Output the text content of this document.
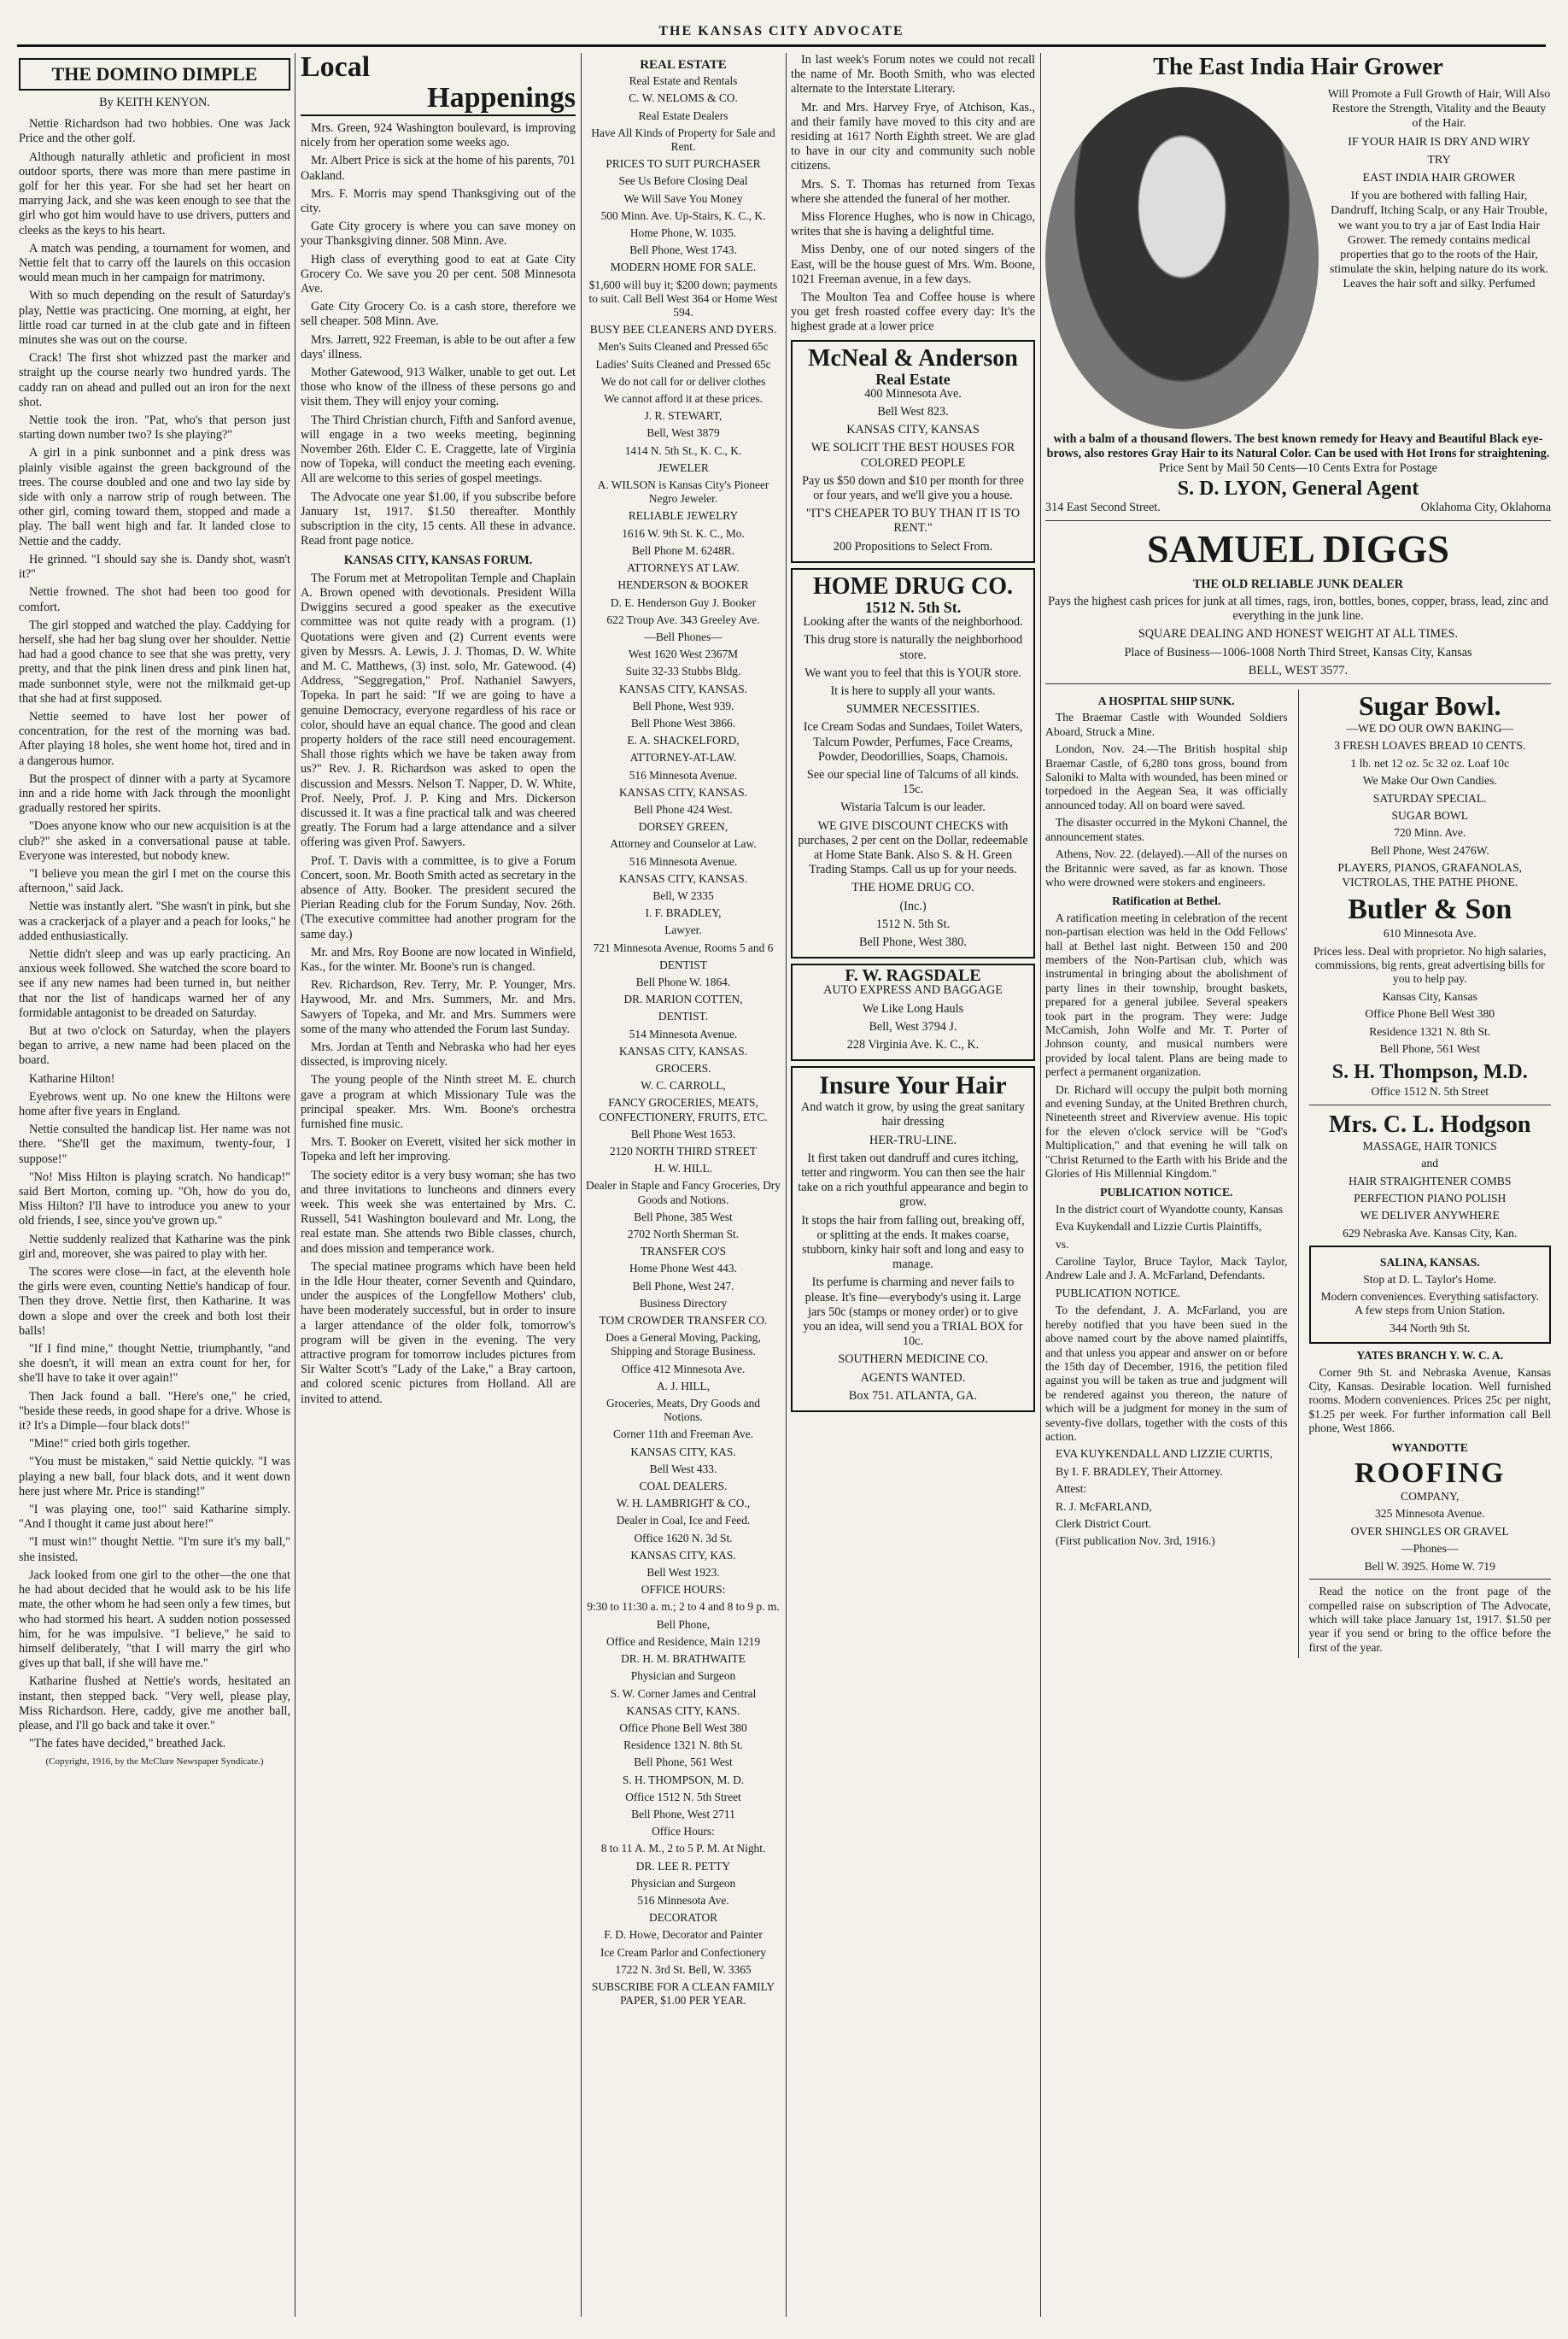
THE KANSAS CITY ADVOCATE
THE DOMINO DIMPLE
By KEITH KENYON.

Nettie Richardson had two hobbies. One was Jack Price and the other golf.

Although naturally athletic and proficient in most outdoor sports, there was more than mere pastime in golf for her this year. For she had set her heart on marrying Jack, and she was keen enough to see that the girl who got him would have to use drivers, putters and cleeks as the keys to his heart.

A match was pending, a tournament for women, and Nettie felt that to carry off the laurels on this occasion would mean much in her campaign for matrimony.

With so much depending on the result of Saturday's play, Nettie was practicing. One morning, at eight, her little road car turned in at the club gate and in fifteen minutes she was out on the course.

Crack! The first shot whizzed past the marker and straight up the course nearly two hundred yards. The caddy ran on ahead and pulled out an iron for the next shot.

Nettie took the iron. "Pat, who's that person just starting down number two? Is she playing?"

A girl in a pink sunbonnet and a pink dress was plainly visible against the green background of the trees. The course doubled and one and two lay side by side with only a narrow strip of rough between. The other girl, coming toward them, stopped and made a play. The ball went high and far. It landed close to Nettie and the caddy.

He grinned. "I should say she is. Dandy shot, wasn't it?"

Nettie frowned. The shot had been too good for comfort.

The girl stopped and watched the play. Caddying for herself, she had her bag slung over her shoulder. Nettie had had a good chance to see that she was pretty, very pretty, and that the pink linen dress and pink linen hat, made sunbonnet style, were not the milkmaid get-up that she had at first supposed.

Nettie seemed to have lost her power of concentration, for the rest of the morning was bad. After playing 18 holes, she went home hot, tired and in a dangerous humor.

But the prospect of dinner with a party at Sycamore inn and a ride home with Jack through the moonlight gradually restored her spirits.

"Does anyone know who our new acquisition is at the club?" she asked in a conversational pause at table. Everyone was interested, but nobody knew.

"I believe you mean the girl I met on the course this afternoon," said Jack.

Nettie was instantly alert. "She wasn't in pink, but she was a crackerjack of a player and a peach for looks," he added enthusiastically.

Nettie didn't sleep and was up early practicing. An anxious week followed. She watched the score board to see if any new names had been turned in, but neither that nor the list of handicaps warned her of any formidable antagonist to be dreaded on Saturday.

But at two o'clock on Saturday, when the players began to arrive, a new name had been placed on the board.

Katharine Hilton!

Eyebrows went up. No one knew the Hiltons were home after five years in England.

Nettie consulted the handicap list. Her name was not there. "She'll get the maximum, twenty-four, I suppose!"

"No! Miss Hilton is playing scratch. No handicap!" said Bert Morton, coming up. "Oh, how do you do, Miss Hilton? I'll have to introduce you anew to your old friends, I see, since you've grown up."

Nettie suddenly realized that Katharine was the pink girl and, moreover, she was paired to play with her.

The scores were close—in fact, at the eleventh hole the girls were even, counting Nettie's handicap of four. Then they drove. Nettie first, then Katharine. It was down a slope and over the creek and both lost their balls!

"If I find mine," thought Nettie, triumphantly, "and she doesn't, it will mean an extra count for her, for she'll have to take it over again!"

Then Jack found a ball. "Here's one," he cried, "beside these reeds, in good shape for a drive. Whose is it? It's a Dimple—four black dots!"

"Mine!" cried both girls together.

"You must be mistaken," said Nettie quickly. "I was playing a new ball, four black dots, and it went down here just where Mr. Price is standing!"

"I was playing one, too!" said Katharine simply. "And I thought it came just about here!"

"I must win!" thought Nettie. "I'm sure it's my ball," she insisted.

Jack looked from one girl to the other—the one that he had about decided that he would ask to be his life mate, the other whom he had seen only a few times, but who had stormed his heart. A sudden notion possessed him, for he was impulsive. "I believe," he said to himself deliberately, "that I will marry the girl who gives up that ball, if she will have me."

Katharine flushed at Nettie's words, hesitated an instant, then stepped back. "Very well, please play, Miss Richardson. Here, caddy, give me another ball, please, and I'll go back and take it over."

"The fates have decided," breathed Jack.

(Copyright, 1916, by the McClure Newspaper Syndicate.)
Local
Happenings

Mrs. Green, 924 Washington boulevard, is improving nicely from her operation some weeks ago.

Mr. Albert Price is sick at the home of his parents, 701 Oakland.

Mrs. F. Morris may spend Thanksgiving out of the city.

Gate City grocery is where you can save money on your Thanksgiving dinner. 508 Minn. Ave.

High class of everything good to eat at Gate City Grocery Co. We save you 20 per cent. 508 Minnesota Ave.

Gate City Grocery Co. is a cash store, therefore we sell cheaper. 508 Minn. Ave.

Mrs. Jarrett, 922 Freeman, is able to be out after a few days' illness.

Mother Gatewood, 913 Walker, unable to get out. Let those who know of the illness of these persons go and visit them. They will enjoy your coming.

The Third Christian church, Fifth and Sanford avenue, will engage in a two weeks meeting, beginning November 26th. Elder C. E. Craggette, late of Virginia now of Topeka, will conduct the meeting each evening. All are welcome to this series of gospel meetings.

The Advocate one year $1.00, if you subscribe before January 1st, 1917. $1.50 thereafter. Monthly subscription in the city, 15 cents. All these in advance. Read front page notice.

KANSAS CITY, KANSAS FORUM.

The Forum met at Metropolitan Temple and Chaplain A. Brown opened with devotionals. President Willa Dwiggins secured a good speaker as the executive committee was not quite ready with a program. (1) Quotations were given and (2) Current events were given by Messrs. A. Lewis, J. J. Thomas, D. W. White and M. C. Matthews, (3) inst. solo, Mr. Gatewood. (4) Address, "Seggregation," Prof. Nathaniel Sawyers, Topeka. In part he said: "If we are going to have a genuine Democracy, everyone regardless of his race or color, should have an equal chance. The good and clean property holders of the race still need encouragement. Shall those rights which we have be taken away from us?" Rev. J. R. Richardson was asked to open the discussion and Messrs. Nelson T. Napper, D. W. White, Prof. Neely, Prof. J. P. King and Mrs. Dickerson discussed it. It was a fine practical talk and was cheered greatly. The Forum had a large attendance and a silver offering was given Prof. Sawyers.

Prof. T. Davis with a committee, is to give a Forum Concert, soon. Mr. Booth Smith acted as secretary in the absence of Atty. Booker. The president secured the Pierian Reading club for the Forum Sunday, Nov. 26th. (The executive committee had another program for the same day.)

Mr. and Mrs. Roy Boone are now located in Winfield, Kas., for the winter. Mr. Boone's run is changed.

Rev. Richardson, Rev. Terry, Mr. P. Younger, Mrs. Haywood, Mr. and Mrs. Summers, Mr. and Mrs. Sawyers of Topeka, and Mr. and Mrs. Summers were some of the many who attended the Forum last Sunday.

Mrs. Jordan at Tenth and Nebraska who had her eyes dissected, is improving nicely.

The young people of the Ninth street M. E. church gave a program at which Missionary Tule was the principal speaker. Mrs. Wm. Boone's orchestra furnished fine music.

Mrs. T. Booker on Everett, visited her sick mother in Topeka and left her improving.

The society editor is a very busy woman; she has two and three invitations to luncheons and dinners every week. This week she was entertained by Mrs. C. Russell, 541 Washington boulevard and Mr. Long, the real estate man. She attends two Bible classes, church, and does mission and temperance work.

The special matinee programs which have been held in the Idle Hour theater, corner Seventh and Quindaro, under the auspices of the Longfellow Mothers' club, have been moderately successful, but in order to insure a larger attendance of the older folk, tomorrow's program will be given in the evening. The very attractive program for tomorrow includes pictures from Sir Walter Scott's "Lady of the Lake," a Bray cartoon, and colored scenic pictures from Holland. All are invited to attend.

REAL ESTATE

Real Estate and Rentals

C. W. NELOMS & CO.

Real Estate Dealers

Have All Kinds of Property for Sale and Rent.

PRICES TO SUIT PURCHASER

See Us Before Closing Deal

We Will Save You Money

500 Minn. Ave. Up-Stairs, K. C., K.

Home Phone, W. 1035.

Bell Phone, West 1743.

MODERN HOME FOR SALE.

$1,600 will buy it; $200 down; payments to suit. Call Bell West 364 or Home West 594.

BUSY BEE CLEANERS AND DYERS.

Men's Suits Cleaned and Pressed 65c

Ladies' Suits Cleaned and Pressed 65c

We do not call for or deliver clothes

We cannot afford it at these prices.

J. R. STEWART,

Bell, West 3879

1414 N. 5th St., K. C., K.

JEWELER

A. WILSON is Kansas City's Pioneer Negro Jeweler.

RELIABLE JEWELRY

1616 W. 9th St. K. C., Mo.

Bell Phone M. 6248R.

ATTORNEYS AT LAW.

HENDERSON & BOOKER

D. E. Henderson Guy J. Booker

622 Troup Ave. 343 Greeley Ave.

—Bell Phones—

West 1620 West 2367M

Suite 32-33 Stubbs Bldg.

KANSAS CITY, KANSAS.

Bell Phone, West 939.

Bell Phone West 3866.

E. A. SHACKELFORD,

ATTORNEY-AT-LAW.

516 Minnesota Avenue.

KANSAS CITY, KANSAS.

Bell Phone 424 West.

DORSEY GREEN,

Attorney and Counselor at Law.

516 Minnesota Avenue.

KANSAS CITY, KANSAS.

Bell, W 2335

I. F. BRADLEY,

Lawyer.

721 Minnesota Avenue, Rooms 5 and 6

DENTIST

Bell Phone W. 1864.

DR. MARION COTTEN,

DENTIST.

514 Minnesota Avenue.

KANSAS CITY, KANSAS.

GROCERS.

W. C. CARROLL,

FANCY GROCERIES, MEATS, CONFECTIONERY, FRUITS, ETC.

Bell Phone West 1653.

2120 NORTH THIRD STREET

H. W. HILL.

Dealer in Staple and Fancy Groceries, Dry Goods and Notions.

Bell Phone, 385 West

2702 North Sherman St.

TRANSFER CO'S

Home Phone West 443.

Bell Phone, West 247.

Business Directory

TOM CROWDER TRANSFER CO.

Does a General Moving, Packing, Shipping and Storage Business.

Office 412 Minnesota Ave.

A. J. HILL,

Groceries, Meats, Dry Goods and Notions.

Corner 11th and Freeman Ave.

KANSAS CITY, KAS.

Bell West 433.

COAL DEALERS.

W. H. LAMBRIGHT & CO.,

Dealer in Coal, Ice and Feed.

Office 1620 N. 3d St.

KANSAS CITY, KAS.

Bell West 1923.

OFFICE HOURS:

9:30 to 11:30 a. m.; 2 to 4 and 8 to 9 p. m.

Bell Phone,

Office and Residence, Main 1219

DR. H. M. BRATHWAITE

Physician and Surgeon

S. W. Corner James and Central

KANSAS CITY, KANS.

Office Phone Bell West 380

Residence 1321 N. 8th St.

Bell Phone, 561 West

S. H. THOMPSON, M. D.

Office 1512 N. 5th Street

Bell Phone, West 2711

Office Hours:

8 to 11 A. M., 2 to 5 P. M. At Night.

DR. LEE R. PETTY

Physician and Surgeon

516 Minnesota Ave.

DECORATOR

F. D. Howe, Decorator and Painter

Ice Cream Parlor and Confectionery

1722 N. 3rd St. Bell, W. 3365

SUBSCRIBE FOR A CLEAN FAMILY PAPER, $1.00 PER YEAR.

In last week's Forum notes we could not recall the name of Mr. Booth Smith, who was elected alternate to the Interstate Literary.

Mr. and Mrs. Harvey Frye, of Atchison, Kas., and their family have moved to this city and are residing at 1617 North Eighth street. We are glad to have in our city and community such noble citizens.

Mrs. S. T. Thomas has returned from Texas where she attended the funeral of her mother.

Miss Florence Hughes, who is now in Chicago, writes that she is having a delightful time.

Miss Denby, one of our noted singers of the East, will be the house guest of Mrs. Wm. Boone, 1021 Freeman avenue, in a few days.

The Moulton Tea and Coffee house is where you get fresh roasted coffee every day: It's the highest grade at a lower price

McNeal & Anderson
Real Estate

400 Minnesota Ave.

Bell West 823.

KANSAS CITY, KANSAS

WE SOLICIT THE BEST HOUSES FOR COLORED PEOPLE

Pay us $50 down and $10 per month for three or four years, and we'll give you a house.

"IT'S CHEAPER TO BUY THAN IT IS TO RENT."

200 Propositions to Select From.

HOME DRUG CO.
1512 N. 5th St.

Looking after the wants of the neighborhood.

This drug store is naturally the neighborhood store.

We want you to feel that this is YOUR store.

It is here to supply all your wants.

SUMMER NECESSITIES.

Ice Cream Sodas and Sundaes, Toilet Waters, Talcum Powder, Perfumes, Face Creams, Powder, Deodorillies, Soaps, Chamois.

See our special line of Talcums of all kinds. 15c.

Wistaria Talcum is our leader.

WE GIVE DISCOUNT CHECKS with purchases, 2 per cent on the Dollar, redeemable at Home State Bank. Also S. & H. Green Trading Stamps. Call us up for your needs.

THE HOME DRUG CO.

(Inc.)

1512 N. 5th St.

Bell Phone, West 380.

F. W. RAGSDALE

AUTO EXPRESS AND BAGGAGE

We Like Long Hauls

Bell, West 3794 J.

228 Virginia Ave. K. C., K.

Insure Your Hair

And watch it grow, by using the great sanitary hair dressing

HER-TRU-LINE.

It first taken out dandruff and cures itching, tetter and ringworm. You can then see the hair take on a rich youthful appearance and begin to grow.

It stops the hair from falling out, breaking off, or splitting at the ends. It makes coarse, stubborn, kinky hair soft and long and easy to manage.

Its perfume is charming and never fails to please. It's fine—everybody's using it. Large jars 50c (stamps or money order) or to give you an idea, will send you a TRIAL BOX for 10c.

SOUTHERN MEDICINE CO.

AGENTS WANTED.

Box 751. ATLANTA, GA.

The East India Hair Grower

Will Promote a Full Growth of Hair, Will Also Restore the Strength, Vitality and the Beauty of the Hair.

IF YOUR HAIR IS DRY AND WIRY

TRY

EAST INDIA HAIR GROWER

If you are bothered with falling Hair, Dandruff, Itching Scalp, or any Hair Trouble, we want you to try a jar of East India Hair Grower. The remedy contains medical properties that go to the roots of the Hair, stimulate the skin, helping nature do its work. Leaves the hair soft and silky. Perfumed

with a balm of a thousand flowers. The best known remedy for Heavy and Beautiful Black eye-brows, also restores Gray Hair to its Natural Color. Can be used with Hot Irons for straightening.
Price Sent by Mail 50 Cents—10 Cents Extra for Postage
S. D. LYON, General Agent
314 East Second Street.	Oklahoma City, Oklahoma
SAMUEL DIGGS
THE OLD RELIABLE JUNK DEALER

Pays the highest cash prices for junk at all times, rags, iron, bottles, bones, copper, brass, lead, zinc and everything in the junk line.

SQUARE DEALING AND HONEST WEIGHT AT ALL TIMES.

Place of Business—1006-1008 North Third Street, Kansas City, Kansas

BELL, WEST 3577.

A HOSPITAL SHIP SUNK.

The Braemar Castle with Wounded Soldiers Aboard, Struck a Mine.

London, Nov. 24.—The British hospital ship Braemar Castle, of 6,280 tons gross, bound from Saloniki to Malta with wounded, has been mined or torpedoed in the Aegean Sea, it was officially announced today. All on board were saved.

The disaster occurred in the Mykoni Channel, the announcement states.

Athens, Nov. 22. (delayed).—All of the nurses on the Britannic were saved, as far as known. Those who were drowned were stokers and engineers.

Ratification at Bethel.

A ratification meeting in celebration of the recent non-partisan election was held in the Odd Fellows' hall at Bethel last night. Between 150 and 200 members of the Non-Partisan club, which was instrumental in bringing about the abolishment of party lines in their township, brought baskets, prepared for a general jubilee. Several speakers took part in the program. They were: Judge McCamish, John Wolfe and Mr. T. Porter of Johnson county, and musical numbers were provided by local talent. Plans are being made to perfect a permanent organization.

Dr. Richard will occupy the pulpit both morning and evening Sunday, at the United Brethren church, Nineteenth street and Riverview avenue. His topic for the eleven o'clock service will be "God's Multiplication," and that evening he will talk on "Christ Returned to the Earth with his Bride and the Glories of His Millennial Kingdom."

PUBLICATION NOTICE.

In the district court of Wyandotte county, Kansas

Eva Kuykendall and Lizzie Curtis Plaintiffs,

vs.

Caroline Taylor, Bruce Taylor, Mack Taylor, Andrew Lale and J. A. McFarland, Defendants.

PUBLICATION NOTICE.

To the defendant, J. A. McFarland, you are hereby notified that you have been sued in the above named court by the above named plaintiffs, and that unless you appear and answer on or before the 15th day of December, 1916, the petition filed against you will be taken as true and judgment will be rendered against you thereon, the nature of which will be a judgment for money in the sum of seventy-five dollars, together with the costs of this action.

EVA KUYKENDALL AND LIZZIE CURTIS,

By I. F. BRADLEY, Their Attorney.

Attest:

R. J. McFARLAND,

Clerk District Court.

(First publication Nov. 3rd, 1916.)

Sugar Bowl.

—WE DO OUR OWN BAKING—

3 FRESH LOAVES BREAD 10 CENTS.

1 lb. net 12 oz. 5c 32 oz. Loaf 10c

We Make Our Own Candies.

SATURDAY SPECIAL.

SUGAR BOWL

720 Minn. Ave.

Bell Phone, West 2476W.

PLAYERS, PIANOS, GRAFANOLAS, VICTROLAS, THE PATHE PHONE.

Butler & Son

610 Minnesota Ave.

Prices less. Deal with proprietor. No high salaries, commissions, big rents, great advertising bills for you to help pay.

Kansas City, Kansas

Office Phone Bell West 380

Residence 1321 N. 8th St.

Bell Phone, 561 West

S. H. Thompson, M.D.
Office 1512 N. 5th Street
Mrs. C. L. Hodgson

MASSAGE, HAIR TONICS

and

HAIR STRAIGHTENER COMBS

PERFECTION PIANO POLISH

WE DELIVER ANYWHERE

629 Nebraska Ave. Kansas City, Kan.

SALINA, KANSAS.

Stop at D. L. Taylor's Home.

Modern conveniences. Everything satisfactory. A few steps from Union Station.

344 North 9th St.

YATES BRANCH Y. W. C. A.

Corner 9th St. and Nebraska Avenue, Kansas City, Kansas. Desirable location. Well furnished rooms. Modern conveniences. Prices 25c per night, $1.25 per week. For further information call Bell phone, West 1866.

WYANDOTTE
ROOFING

COMPANY,

325 Minnesota Avenue.

OVER SHINGLES OR GRAVEL

—Phones—

Bell W. 3925. Home W. 719

Read the notice on the front page of the compelled raise on subscription of The Advocate, which will take place January 1st, 1917. $1.50 per year if you send or bring to the office before the first of the year.
